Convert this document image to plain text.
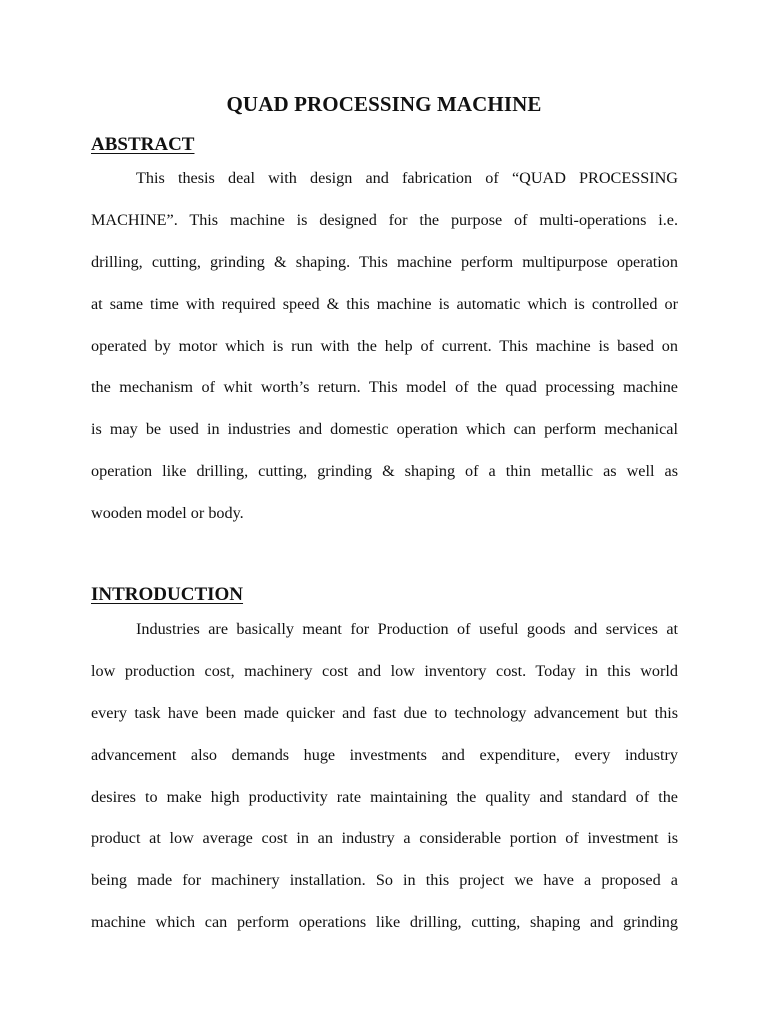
QUAD PROCESSING MACHINE
ABSTRACT
This thesis deal with design and fabrication of “QUAD PROCESSING
MACHINE”. This machine is designed for the purpose of multi-operations i.e.
drilling, cutting, grinding & shaping. This machine perform multipurpose operation
at same time with required speed & this machine is automatic which is controlled or
operated by motor which is run with the help of current. This machine is based on
the mechanism of whit worth’s return. This model of the quad processing machine
is may be used in industries and domestic operation which can perform mechanical
operation like drilling, cutting, grinding & shaping of a thin metallic as well as
wooden model or body.
INTRODUCTION
Industries are basically meant for Production of useful goods and services at
low production cost, machinery cost and low inventory cost. Today in this world
every task have been made quicker and fast due to technology advancement but this
advancement also demands huge investments and expenditure, every industry
desires to make high productivity rate maintaining the quality and standard of the
product at low average cost in an industry a considerable portion of investment is
being made for machinery installation. So in this project we have a proposed a
machine which can perform operations like drilling, cutting, shaping and grinding
